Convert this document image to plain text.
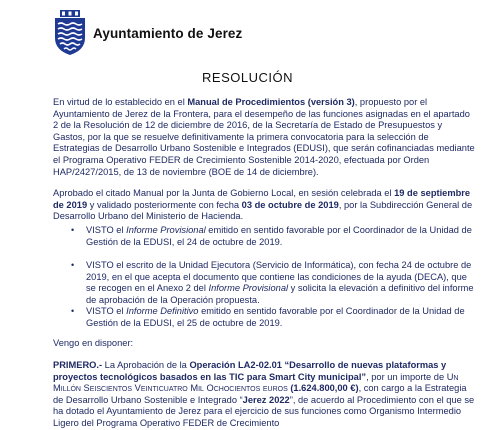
Ayuntamiento de Jerez
RESOLUCIÓN
En virtud de lo establecido en el Manual de Procedimientos (versión 3), propuesto por el Ayuntamiento de Jerez de la Frontera, para el desempeño de las funciones asignadas en el apartado 2 de la Resolución de 12 de diciembre de 2016, de la Secretaría de Estado de Presupuestos y Gastos, por la que se resuelve definitivamente la primera convocatoria para la selección de Estrategias de Desarrollo Urbano Sostenible e Integrados (EDUSI), que serán cofinanciadas mediante el Programa Operativo FEDER de Crecimiento Sostenible 2014-2020, efectuada por Orden HAP/2427/2015, de 13 de noviembre (BOE de 14 de diciembre).
Aprobado el citado Manual por la Junta de Gobierno Local, en sesión celebrada el 19 de septiembre de 2019 y validado posteriormente con fecha 03 de octubre de 2019, por la Subdirección General de Desarrollo Urbano del Ministerio de Hacienda.
• VISTO el Informe Provisional emitido en sentido favorable por el Coordinador de la Unidad de Gestión de la EDUSI, el 24 de octubre de 2019.
• VISTO el escrito de la Unidad Ejecutora (Servicio de Informática), con fecha 24 de octubre de 2019, en el que acepta el documento que contiene las condiciones de la ayuda (DECA), que se recogen en el Anexo 2 del Informe Provisional y solicita la elevación a definitivo del informe de aprobación de la Operación propuesta.
• VISTO el Informe Definitivo emitido en sentido favorable por el Coordinador de la Unidad de Gestión de la EDUSI, el 25 de octubre de 2019.
Vengo en disponer:
PRIMERO.- La Aprobación de la Operación LA2-02.01 “Desarrollo de nuevas plataformas y proyectos tecnológicos basados en las TIC para Smart City municipal”, por un importe de Un Millón Seiscientos Veinticuatro Mil Ochocientos euros (1.624.800,00 €), con cargo a la Estrategia de Desarrollo Urbano Sostenible e Integrado “Jerez 2022”, de acuerdo al Procedimiento con el que se ha dotado el Ayuntamiento de Jerez para el ejercicio de sus funciones como Organismo Intermedio Ligero del Programa Operativo FEDER de Crecimiento
